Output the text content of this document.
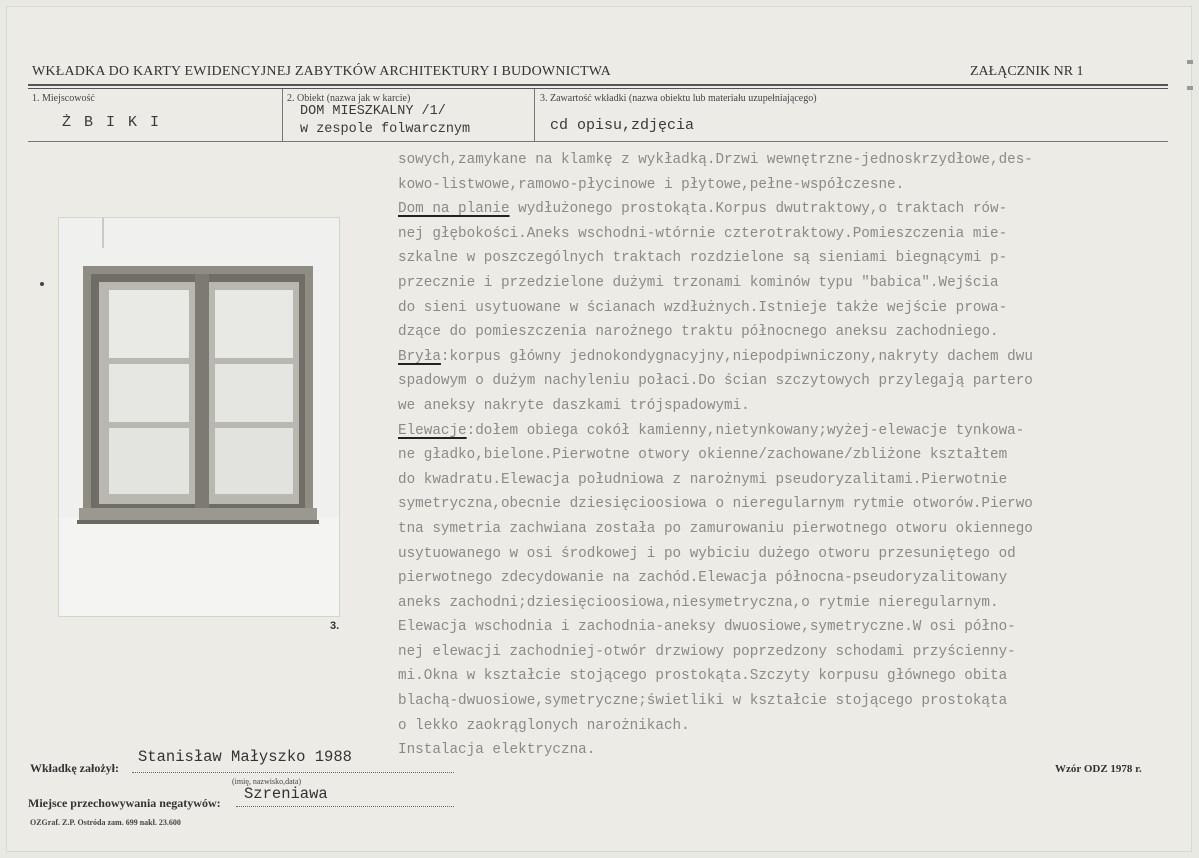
WKŁADKA DO KARTY EWIDENCYJNEJ ZABYTKÓW ARCHITEKTURY I BUDOWNICTWA	ZAŁĄCZNIK NR 1
1. Miejscowość
Ż B I K I
2. Obiekt (nazwa jak w karcie)
DOM MIESZKALNY /1/
w zespole folwarcznym
3. Zawartość wkładki (nazwa obiektu lub materiału uzupełniającego)
cd opisu,zdjęcia
3.
sowych,zamykane na klamkę z wykładką.Drzwi wewnętrzne-jednoskrzydłowe,des-
kowo-listwowe,ramowo-płycinowe i płytowe,pełne-współczesne.
Dom na planie wydłużonego prostokąta.Korpus dwutraktowy,o traktach rów-
nej głębokości.Aneks wschodni-wtórnie czterotraktowy.Pomieszczenia mie-
szkalne w poszczególnych traktach rozdzielone są sieniami biegnącymi p-
przecznie i przedzielone dużymi trzonami kominów typu "babica".Wejścia
do sieni usytuowane w ścianach wzdłużnych.Istnieje także wejście prowa-
dzące do pomieszczenia narożnego traktu północnego aneksu zachodniego.
Bryła:korpus główny jednokondygnacyjny,niepodpiwniczony,nakryty dachem dwu
spadowym o dużym nachyleniu połaci.Do ścian szczytowych przylegają partero
we aneksy nakryte daszkami trójspadowymi.
Elewacje:dołem obiega cokół kamienny,nietynkowany;wyżej-elewacje tynkowa-
ne gładko,bielone.Pierwotne otwory okienne/zachowane/zbliżone kształtem
do kwadratu.Elewacja południowa z narożnymi pseudoryzalitami.Pierwotnie
symetryczna,obecnie dziesięcioosiowa o nieregularnym rytmie otworów.Pierwo
tna symetria zachwiana została po zamurowaniu pierwotnego otworu okiennego
usytuowanego w osi środkowej i po wybiciu dużego otworu przesuniętego od
pierwotnego zdecydowanie na zachód.Elewacja północna-pseudoryzalitowany
aneks zachodni;dziesięcioosiowa,niesymetryczna,o rytmie nieregularnym.
Elewacja wschodnia i zachodnia-aneksy dwuosiowe,symetryczne.W osi półno-
nej elewacji zachodniej-otwór drzwiowy poprzedzony schodami przyścienny-
mi.Okna w kształcie stojącego prostokąta.Szczyty korpusu głównego obita
blachą-dwuosiowe,symetryczne;świetliki w kształcie stojącego prostokąta
o lekko zaokrąglonych narożnikach.
Instalacja elektryczna.
Wkładkę założył:
Stanisław Małyszko 1988
(imię, nazwisko,data)
Miejsce przechowywania negatywów: Szreniawa
Wzór ODZ 1978 r.
OZGraf. Z.P. Ostróda zam. 699 nakł. 23.600
